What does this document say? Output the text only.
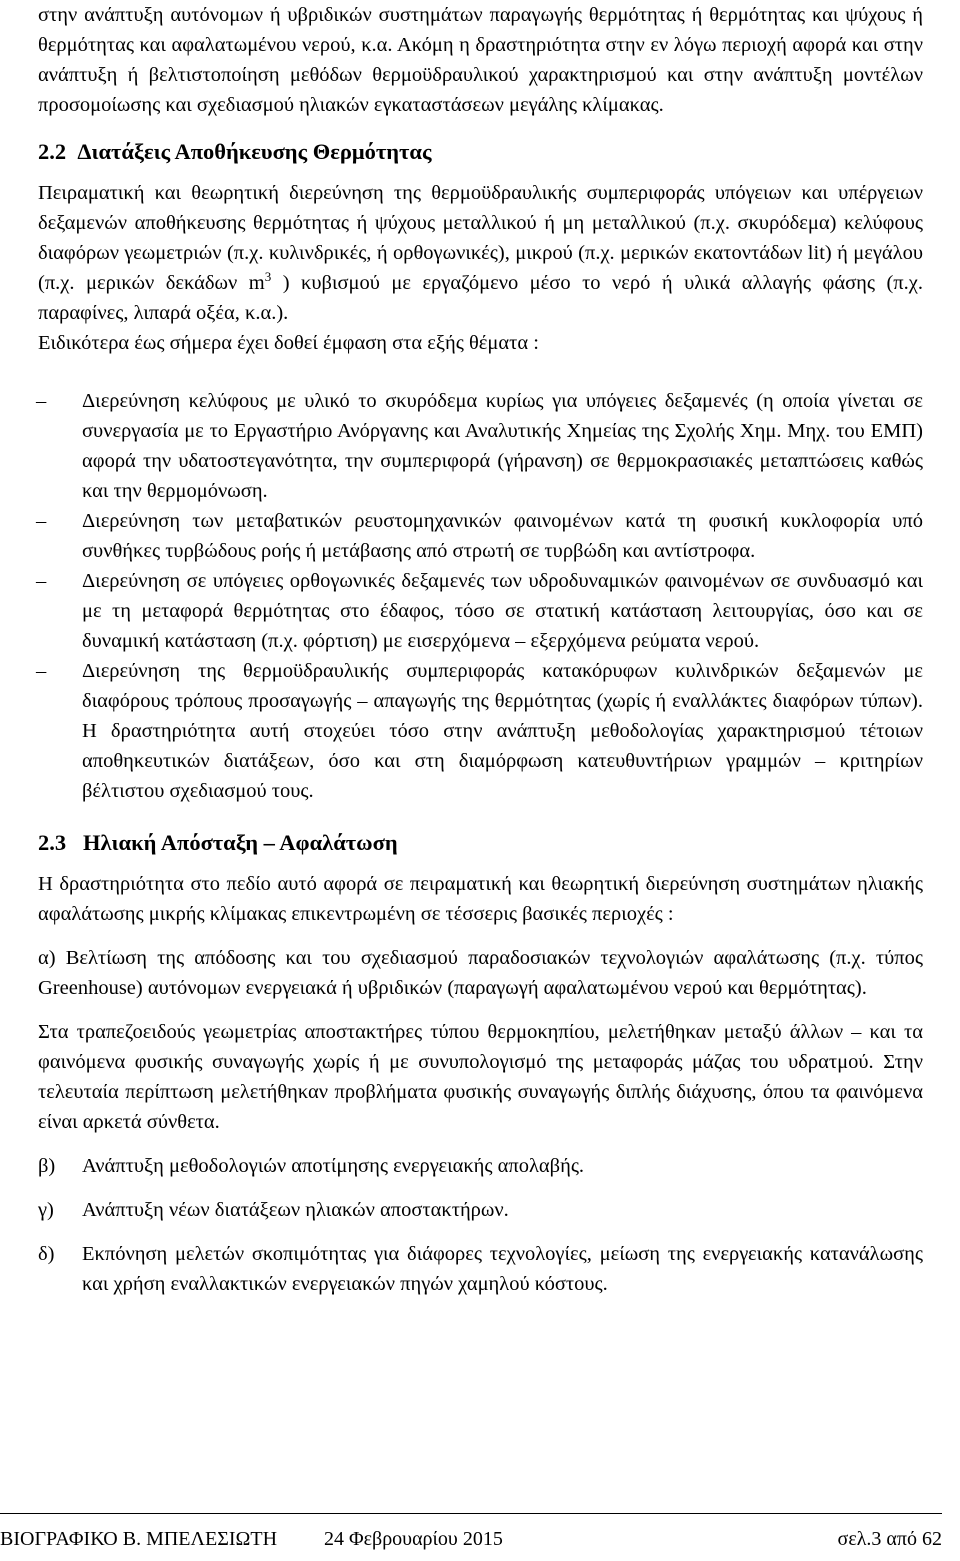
στην ανάπτυξη αυτόνομων ή υβριδικών συστημάτων παραγωγής θερμότητας ή θερμότητας και ψύχους ή θερμότητας και αφαλατωμένου νερού, κ.α. Ακόμη η δραστηριότητα στην εν λόγω περιοχή αφορά και στην ανάπτυξη ή βελτιστοποίηση μεθόδων θερμοϋδραυλικού χαρακτηρισμού και στην ανάπτυξη μοντέλων προσομοίωσης και σχεδιασμού ηλιακών εγκαταστάσεων μεγάλης κλίμακας.

2.2 Διατάξεις Αποθήκευσης Θερμότητας

Πειραματική και θεωρητική διερεύνηση της θερμοϋδραυλικής συμπεριφοράς υπόγειων και υπέργειων δεξαμενών αποθήκευσης θερμότητας ή ψύχους μεταλλικού ή μη μεταλλικού (π.χ. σκυρόδεμα) κελύφους διαφόρων γεωμετριών (π.χ. κυλινδρικές, ή ορθογωνικές), μικρού (π.χ. μερικών εκατοντάδων lit) ή μεγάλου (π.χ. μερικών δεκάδων $m^3$ ) κυβισμού με εργαζόμενο μέσο το νερό ή υλικά αλλαγής φάσης (π.χ. παραφίνες, λιπαρά οξέα, κ.α.).

Ειδικότερα έως σήμερα έχει δοθεί έμφαση στα εξής θέματα :

– Διερεύνηση κελύφους με υλικό το σκυρόδεμα κυρίως για υπόγειες δεξαμενές (η οποία γίνεται σε συνεργασία με το Εργαστήριο Ανόργανης και Αναλυτικής Χημείας της Σχολής Χημ. Μηχ. του ΕΜΠ) αφορά την υδατοστεγανότητα, την συμπεριφορά (γήρανση) σε θερμοκρασιακές μεταπτώσεις καθώς και την θερμομόνωση.
– Διερεύνηση των μεταβατικών ρευστομηχανικών φαινομένων κατά τη φυσική κυκλοφορία υπό συνθήκες τυρβώδους ροής ή μετάβασης από στρωτή σε τυρβώδη και αντίστροφα.
– Διερεύνηση σε υπόγειες ορθογωνικές δεξαμενές των υδροδυναμικών φαινομένων σε συνδυασμό και με τη μεταφορά θερμότητας στο έδαφος, τόσο σε στατική κατάσταση λειτουργίας, όσο και σε δυναμική κατάσταση (π.χ. φόρτιση) με εισερχόμενα – εξερχόμενα ρεύματα νερού.
– Διερεύνηση της θερμοϋδραυλικής συμπεριφοράς κατακόρυφων κυλινδρικών δεξαμενών με διαφόρους τρόπους προσαγωγής – απαγωγής της θερμότητας (χωρίς ή εναλλάκτες διαφόρων τύπων). Η δραστηριότητα αυτή στοχεύει τόσο στην ανάπτυξη μεθοδολογίας χαρακτηρισμού τέτοιων αποθηκευτικών διατάξεων, όσο και στη διαμόρφωση κατευθυντήριων γραμμών – κριτηρίων βέλτιστου σχεδιασμού τους.
2.3 Ηλιακή Απόσταξη – Αφαλάτωση

Η δραστηριότητα στο πεδίο αυτό αφορά σε πειραματική και θεωρητική διερεύνηση συστημάτων ηλιακής αφαλάτωσης μικρής κλίμακας επικεντρωμένη σε τέσσερις βασικές περιοχές :

α) Βελτίωση της απόδοσης και του σχεδιασμού παραδοσιακών τεχνολογιών αφαλάτωσης (π.χ. τύπος Greenhouse) αυτόνομων ενεργειακά ή υβριδικών (παραγωγή αφαλατωμένου νερού και θερμότητας).

Στα τραπεζοειδούς γεωμετρίας αποστακτήρες τύπου θερμοκηπίου, μελετήθηκαν μεταξύ άλλων – και τα φαινόμενα φυσικής συναγωγής χωρίς ή με συνυπολογισμό της μεταφοράς μάζας του υδρατμού. Στην τελευταία περίπτωση μελετήθηκαν προβλήματα φυσικής συναγωγής διπλής διάχυσης, όπου τα φαινόμενα είναι αρκετά σύνθετα.

β) Ανάπτυξη μεθοδολογιών αποτίμησης ενεργειακής απολαβής.
γ) Ανάπτυξη νέων διατάξεων ηλιακών αποστακτήρων.
δ) Εκπόνηση μελετών σκοπιμότητας για διάφορες τεχνολογίες, μείωση της ενεργειακής κατανάλωσης και χρήση εναλλακτικών ενεργειακών πηγών χαμηλού κόστους.
ΒΙΟΓΡΑΦΙΚΟ Β. ΜΠΕΛΕΣΙΩΤΗ 24 Φεβρουαρίου 2015	σελ.3 από 62
